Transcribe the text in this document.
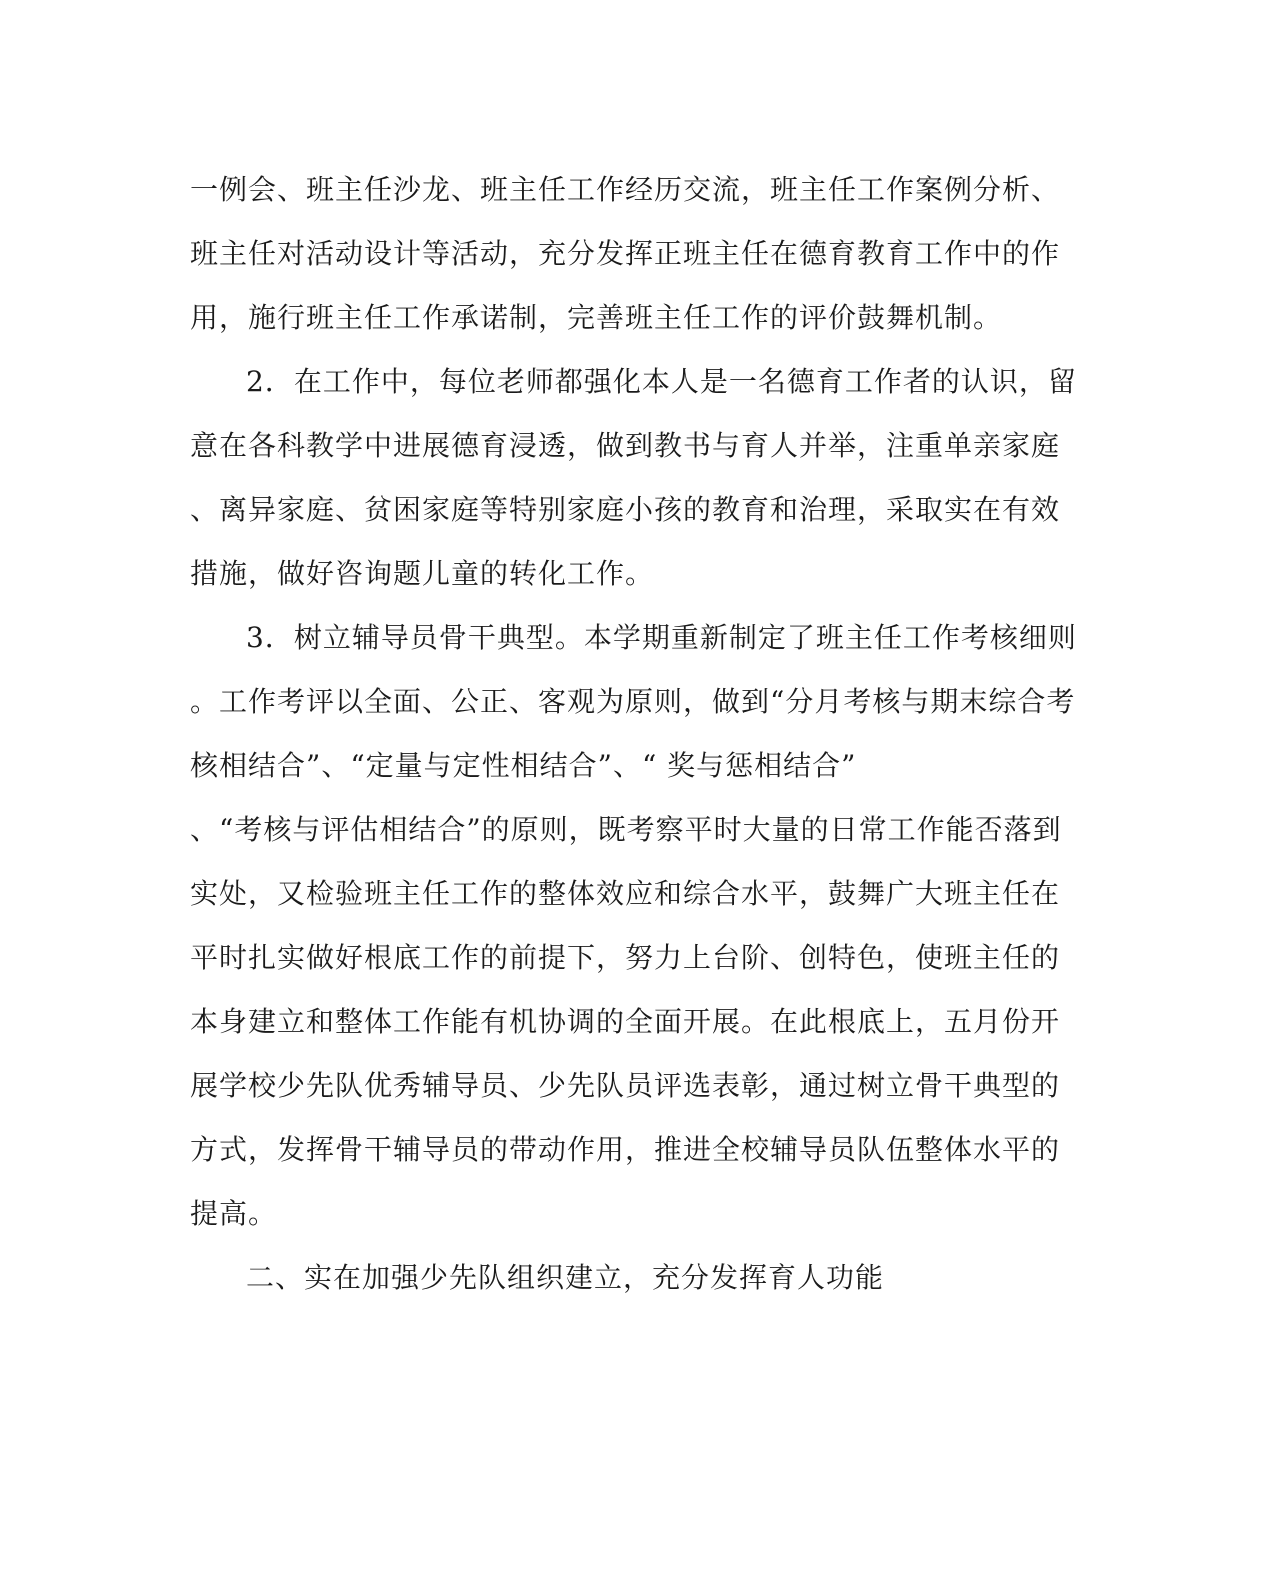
一例会、班主任沙龙、班主任工作经历交流，班主任工作案例分析、
班主任对活动设计等活动，充分发挥正班主任在德育教育工作中的作
用，施行班主任工作承诺制，完善班主任工作的评价鼓舞机制。
2．在工作中，每位老师都强化本人是一名德育工作者的认识，留
意在各科教学中进展德育浸透，做到教书与育人并举，注重单亲家庭
、离异家庭、贫困家庭等特别家庭小孩的教育和治理，采取实在有效
措施，做好咨询题儿童的转化工作。
3．树立辅导员骨干典型。本学期重新制定了班主任工作考核细则
。工作考评以全面、公正、客观为原则，做到“分月考核与期末综合考
核相结合”、“定量与定性相结合”、“ 奖与惩相结合”
、“考核与评估相结合”的原则，既考察平时大量的日常工作能否落到
实处，又检验班主任工作的整体效应和综合水平，鼓舞广大班主任在
平时扎实做好根底工作的前提下，努力上台阶、创特色，使班主任的
本身建立和整体工作能有机协调的全面开展。在此根底上，五月份开
展学校少先队优秀辅导员、少先队员评选表彰，通过树立骨干典型的
方式，发挥骨干辅导员的带动作用，推进全校辅导员队伍整体水平的
提高。
二、实在加强少先队组织建立，充分发挥育人功能
